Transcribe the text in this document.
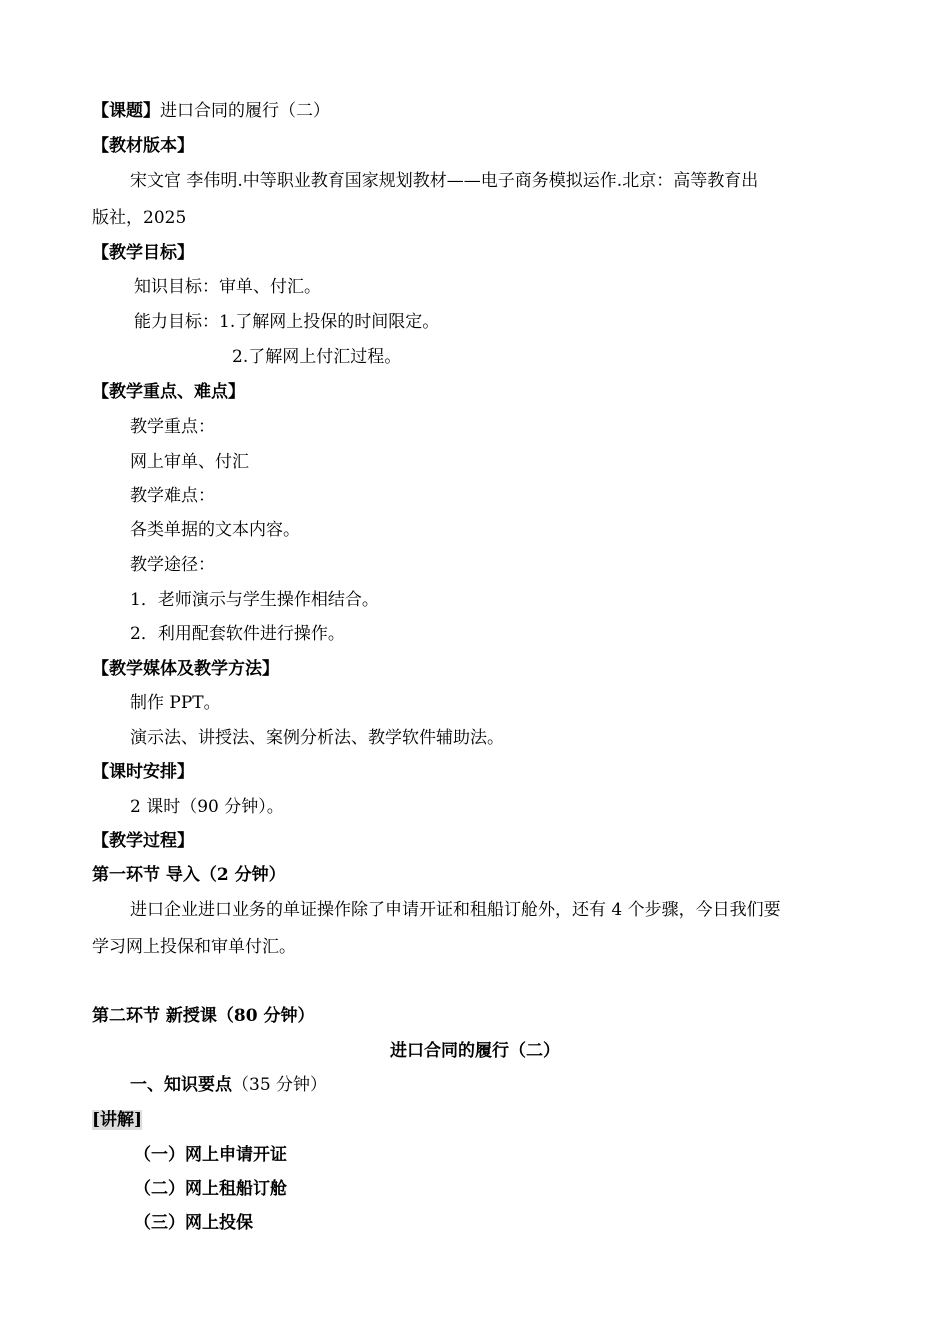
【课题】进口合同的履行（二）
【教材版本】
宋文官 李伟明.中等职业教育国家规划教材——电子商务模拟运作.北京：高等教育出
版社，2025
【教学目标】
知识目标：审单、付汇。
能力目标：1.了解网上投保的时间限定。
2.了解网上付汇过程。
【教学重点、难点】
教学重点：
网上审单、付汇
教学难点：
各类单据的文本内容。
教学途径：
1．老师演示与学生操作相结合。
2．利用配套软件进行操作。
【教学媒体及教学方法】
制作 PPT。
演示法、讲授法、案例分析法、教学软件辅助法。
【课时安排】
2 课时（90 分钟）。
【教学过程】
第一环节 导入（2 分钟）
进口企业进口业务的单证操作除了申请开证和租船订舱外，还有 4 个步骤，今日我们要
学习网上投保和审单付汇。
第二环节 新授课（80 分钟）
进口合同的履行（二）
一、知识要点（35 分钟）
[讲解]
（一）网上申请开证
（二）网上租船订舱
（三）网上投保
